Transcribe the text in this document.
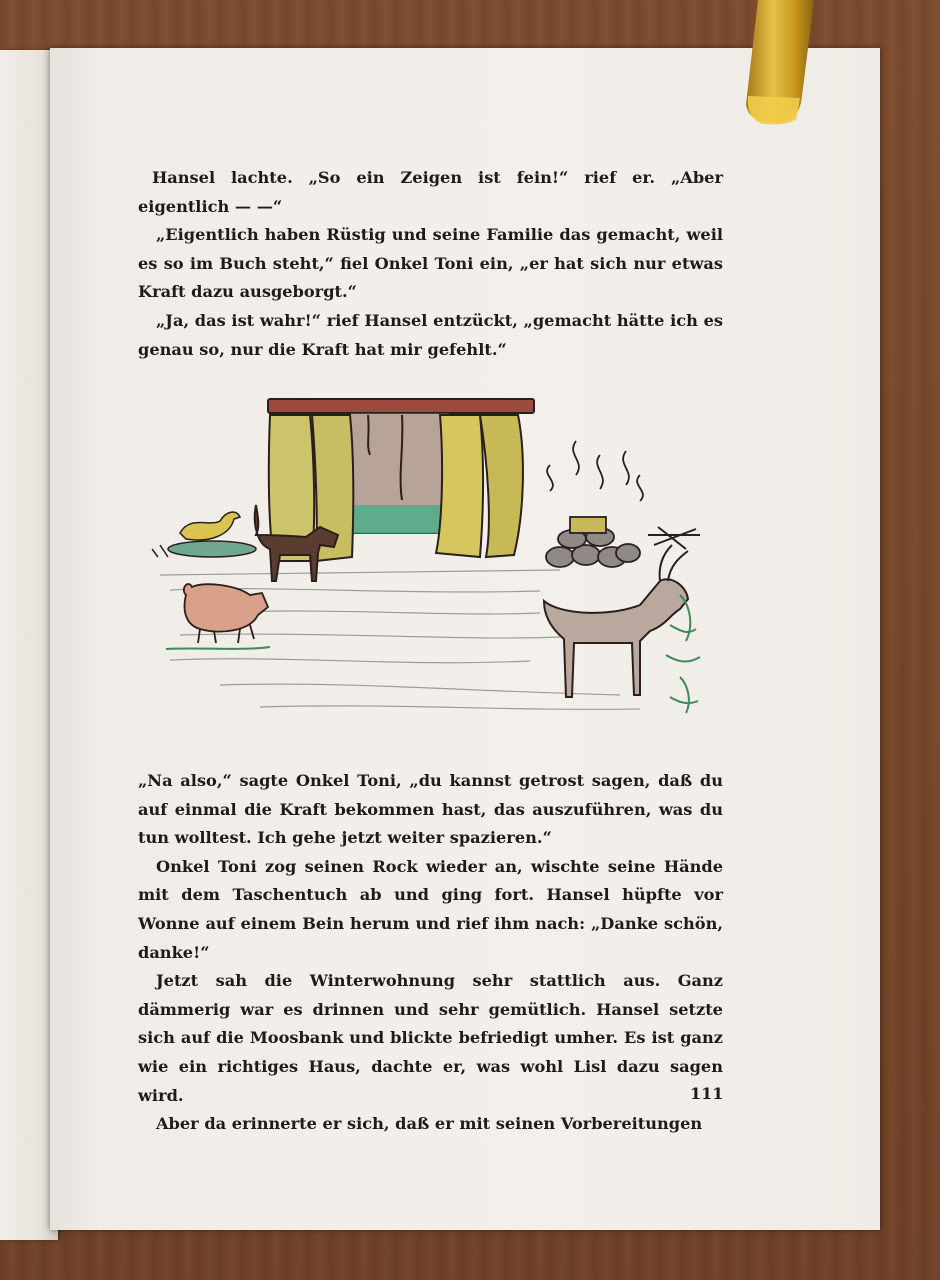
Hansel lachte. „So ein Zeigen ist fein!“ rief er. „Aber eigentlich — —“

„Eigentlich haben Rüstig und seine Familie das gemacht, weil es so im Buch steht,“ fiel Onkel Toni ein, „er hat sich nur etwas Kraft dazu ausgeborgt.“

„Ja, das ist wahr!“ rief Hansel entzückt, „gemacht hätte ich es genau so, nur die Kraft hat mir gefehlt.“

„Na also,“ sagte Onkel Toni, „du kannst getrost sagen, daß du auf einmal die Kraft bekommen hast, das auszuführen, was du tun wolltest. Ich gehe jetzt weiter spazieren.“

Onkel Toni zog seinen Rock wieder an, wischte seine Hände mit dem Taschentuch ab und ging fort. Hansel hüpfte vor Wonne auf einem Bein herum und rief ihm nach: „Danke schön, danke!“

Jetzt sah die Winterwohnung sehr stattlich aus. Ganz dämmerig war es drinnen und sehr gemütlich. Hansel setzte sich auf die Moosbank und blickte befriedigt umher. Es ist ganz wie ein richtiges Haus, dachte er, was wohl Lisl dazu sagen wird.

Aber da erinnerte er sich, daß er mit seinen Vorbereitungen

111
